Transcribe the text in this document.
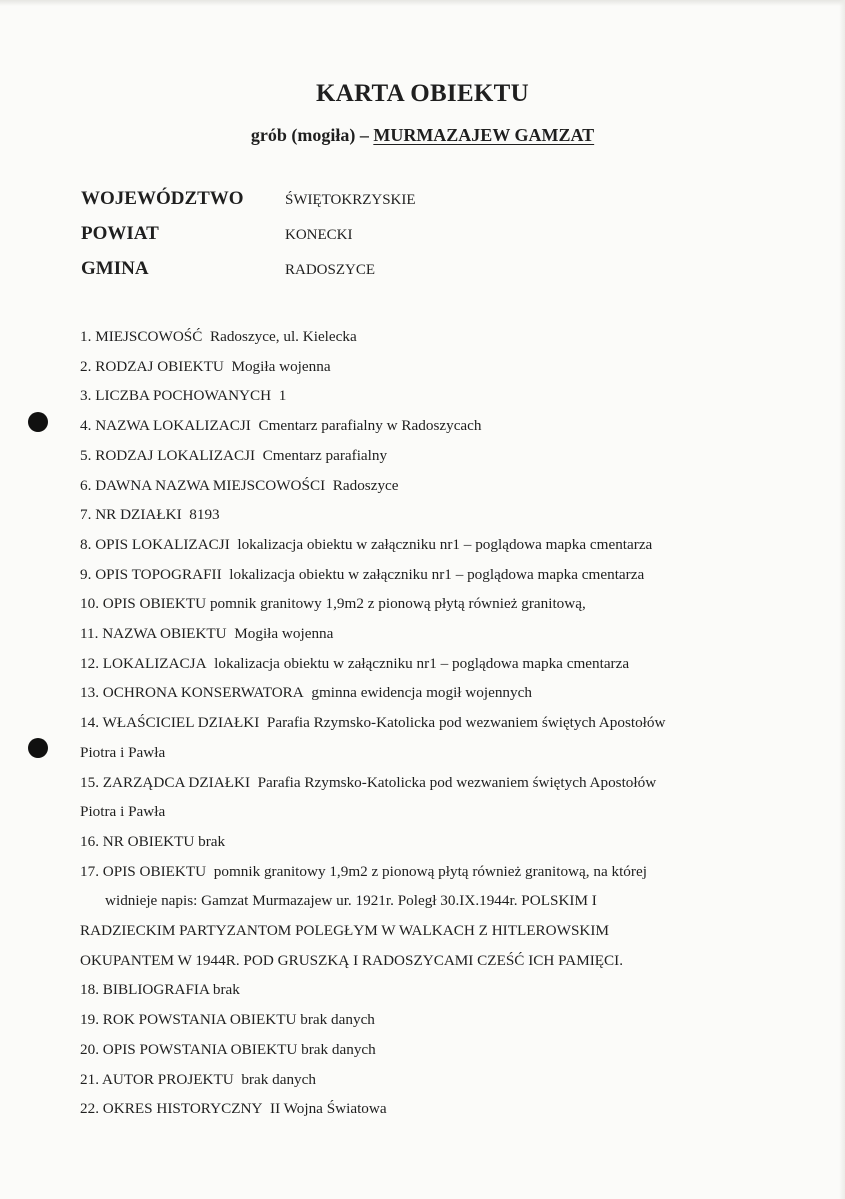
KARTA OBIEKTU
grób (mogiła) – MURMAZAJEW GAMZAT
WOJEWÓDZTWO	ŚWIĘTOKRZYSKIE
POWIAT	KONECKI
GMINA	RADOSZYCE
1. MIEJSCOWOŚĆ Radoszyce, ul. Kielecka
2. RODZAJ OBIEKTU Mogiła wojenna
3. LICZBA POCHOWANYCH 1
4. NAZWA LOKALIZACJI Cmentarz parafialny w Radoszycach
5. RODZAJ LOKALIZACJI Cmentarz parafialny
6. DAWNA NAZWA MIEJSCOWOŚCI Radoszyce
7. NR DZIAŁKI 8193
8. OPIS LOKALIZACJI lokalizacja obiektu w załączniku nr1 – poglądowa mapka cmentarza
9. OPIS TOPOGRAFII lokalizacja obiektu w załączniku nr1 – poglądowa mapka cmentarza
10. OPIS OBIEKTU pomnik granitowy 1,9m2 z pionową płytą również granitową,
11. NAZWA OBIEKTU Mogiła wojenna
12. LOKALIZACJA lokalizacja obiektu w załączniku nr1 – poglądowa mapka cmentarza
13. OCHRONA KONSERWATORA gminna ewidencja mogił wojennych
14. WŁAŚCICIEL DZIAŁKI Parafia Rzymsko-Katolicka pod wezwaniem świętych Apostołów
Piotra i Pawła
15. ZARZĄDCA DZIAŁKI Parafia Rzymsko-Katolicka pod wezwaniem świętych Apostołów
Piotra i Pawła
16. NR OBIEKTU brak
17. OPIS OBIEKTU pomnik granitowy 1,9m2 z pionową płytą również granitową, na której
widnieje napis: Gamzat Murmazajew ur. 1921r. Poległ 30.IX.1944r. POLSKIM I
RADZIECKIM PARTYZANTOM POLEGŁYM W WALKACH Z HITLEROWSKIM
OKUPANTEM W 1944R. POD GRUSZKĄ I RADOSZYCAMI CZEŚĆ ICH PAMIĘCI.
18. BIBLIOGRAFIA brak
19. ROK POWSTANIA OBIEKTU brak danych
20. OPIS POWSTANIA OBIEKTU brak danych
21. AUTOR PROJEKTU brak danych
22. OKRES HISTORYCZNY II Wojna Światowa
